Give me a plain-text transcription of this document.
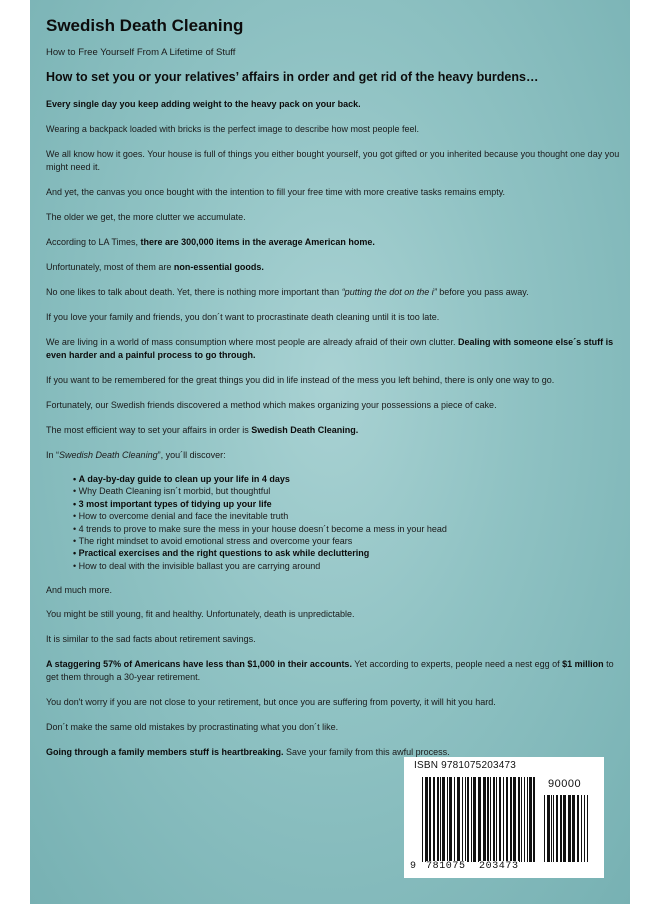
Swedish Death Cleaning
How to Free Yourself From A Lifetime of Stuff
How to set you or your relatives’ affairs in order and get rid of the heavy burdens…
Every single day you keep adding weight to the heavy pack on your back.
Wearing a backpack loaded with bricks is the perfect image to describe how most people feel.
We all know how it goes. Your house is full of things you either bought yourself, you got gifted or you inherited because you thought one day you might need it.
And yet, the canvas you once bought with the intention to fill your free time with more creative tasks remains empty.
The older we get, the more clutter we accumulate.
According to LA Times, there are 300,000 items in the average American home.
Unfortunately, most of them are non-essential goods.
No one likes to talk about death. Yet, there is nothing more important than “putting the dot on the i” before you pass away.
If you love your family and friends, you don´t want to procrastinate death cleaning until it is too late.
We are living in a world of mass consumption where most people are already afraid of their own clutter. Dealing with someone else´s stuff is even harder and a painful process to go through.
If you want to be remembered for the great things you did in life instead of the mess you left behind, there is only one way to go.
Fortunately, our Swedish friends discovered a method which makes organizing your possessions a piece of cake.
The most efficient way to set your affairs in order is Swedish Death Cleaning.
In “Swedish Death Cleaning”, you´ll discover:
• A day-by-day guide to clean up your life in 4 days
• Why Death Cleaning isn´t morbid, but thoughtful
• 3 most important types of tidying up your life
• How to overcome denial and face the inevitable truth
• 4 trends to prove to make sure the mess in your house doesn´t become a mess in your head
• The right mindset to avoid emotional stress and overcome your fears
• Practical exercises and the right questions to ask while decluttering
• How to deal with the invisible ballast you are carrying around
And much more.
You might be still young, fit and healthy. Unfortunately, death is unpredictable.
It is similar to the sad facts about retirement savings.
A staggering 57% of Americans have less than $1,000 in their accounts. Yet according to experts, people need a nest egg of $1 million to get them through a 30-year retirement.
You don't worry if you are not close to your retirement, but once you are suffering from poverty, it will hit you hard.
Don´t make the same old mistakes by procrastinating what you don´t like.
Going through a family members stuff is heartbreaking. Save your family from this awful process.
ISBN 9781075203473
90000
9 781075 203473
